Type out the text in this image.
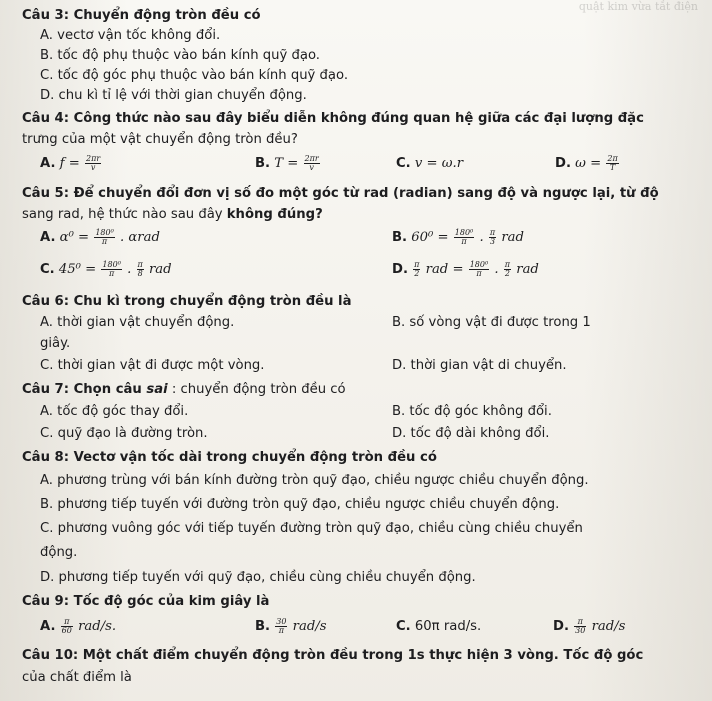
quật kim vừa tắt điện
Câu 3: Chuyển động tròn đều có
A. vectơ vận tốc không đổi.
B. tốc độ phụ thuộc vào bán kính quỹ đạo.
C. tốc độ góc phụ thuộc vào bán kính quỹ đạo.
D. chu kì tỉ lệ với thời gian chuyển động.
Câu 4: Công thức nào sau đây biểu diễn không đúng quan hệ giữa các đại lượng đặc
trưng của một vật chuyển động tròn đều?
A. $f = \frac{2\pi r}{v}$	B. $T = \frac{2\pi r}{v}$	C. v = ω.r	D. $\omega = \frac{2\pi}{T}$
Câu 5: Để chuyển đổi đơn vị số đo một góc từ rad (radian) sang độ và ngược lại, từ độ
sang rad, hệ thức nào sau đây không đúng?
A. $\alpha^0 = \frac{\text{180⁰}}{\pi}$ . αrad	B. $60^0 = \frac{\text{180⁰}}{\pi}$ . $\frac{\pi}{3}$ rad
C. $45^0 = \frac{\text{180⁰}}{\pi}$ . $\frac{\pi}{8}$ rad	D. $\frac{\pi}{2}$ rad = $\frac{\text{180⁰}}{\pi}$ . $\frac{\pi}{2}$ rad
Câu 6: Chu kì trong chuyển động tròn đều là
A. thời gian vật chuyển động.	B. số vòng vật đi được trong 1
giây.
C. thời gian vật đi được một vòng.	D. thời gian vật di chuyển.
Câu 7: Chọn câu sai : chuyển động tròn đều có
A. tốc độ góc thay đổi.	B. tốc độ góc không đổi.
C. quỹ đạo là đường tròn.	D. tốc độ dài không đổi.
Câu 8: Vectơ vận tốc dài trong chuyển động tròn đều có
A. phương trùng với bán kính đường tròn quỹ đạo, chiều ngược chiều chuyển động.
B. phương tiếp tuyến với đường tròn quỹ đạo, chiều ngược chiều chuyển động.
C. phương vuông góc với tiếp tuyến đường tròn quỹ đạo, chiều cùng chiều chuyển
động.
D. phương tiếp tuyến với quỹ đạo, chiều cùng chiều chuyển động.
Câu 9: Tốc độ góc của kim giây là
A. $\frac{\pi}{60} rad/s$.	B. $\frac{30}{\pi} rad/s$	C. 60π rad/s.	D. $\frac{\pi}{30} rad/s$
Câu 10: Một chất điểm chuyển động tròn đều trong 1s thực hiện 3 vòng. Tốc độ góc
của chất điểm là
